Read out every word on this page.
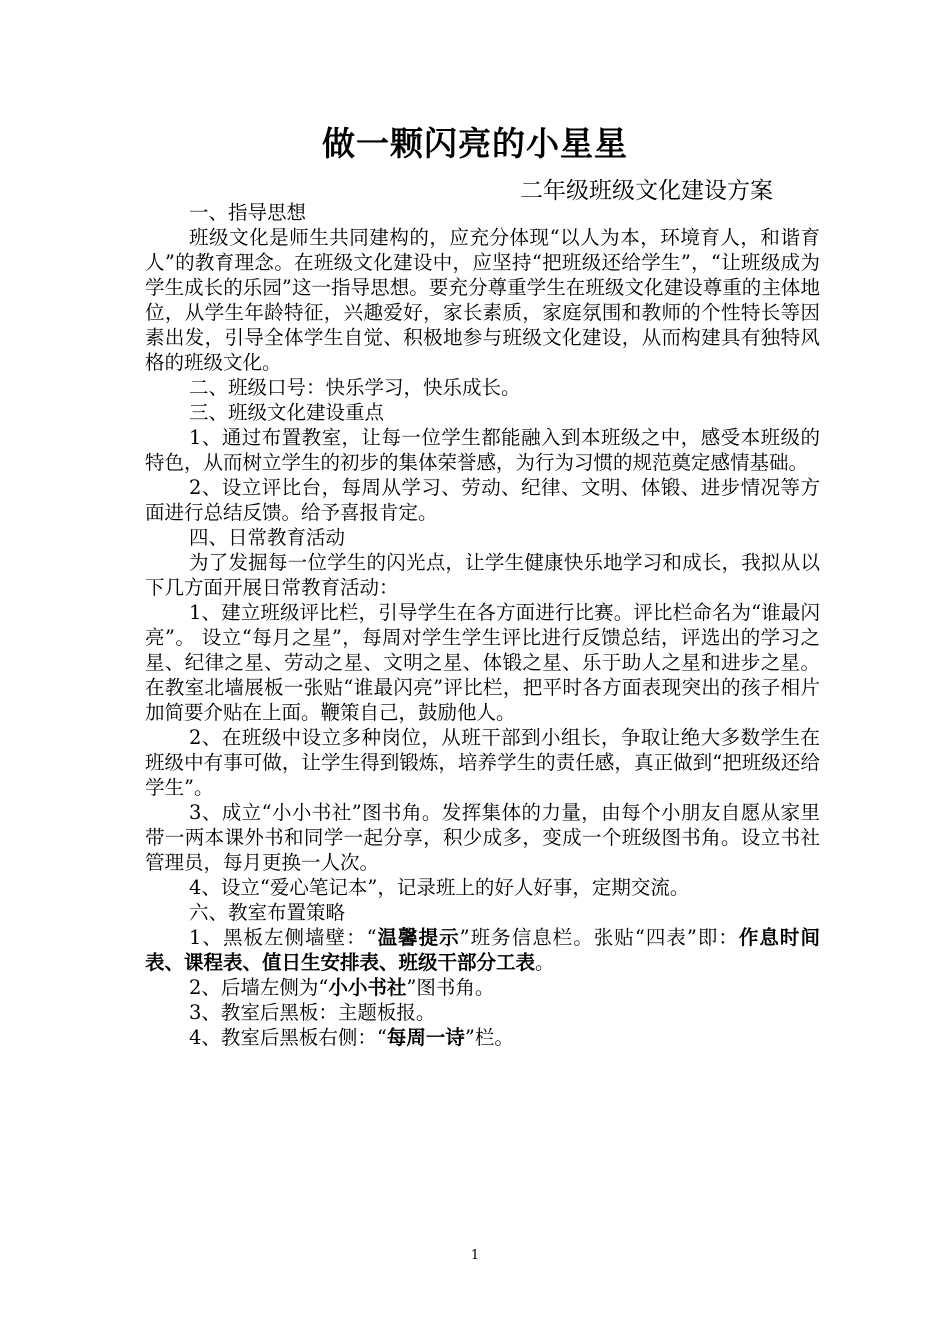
做一颗闪亮的小星星
二年级班级文化建设方案

一、指导思想

班级文化是师生共同建构的，应充分体现“以人为本，环境育人，和谐育人”的教育理念。在班级文化建设中，应坚持“把班级还给学生”，“让班级成为学生成长的乐园”这一指导思想。要充分尊重学生在班级文化建设尊重的主体地位，从学生年龄特征，兴趣爱好，家长素质，家庭氛围和教师的个性特长等因素出发，引导全体学生自觉、积极地参与班级文化建设，从而构建具有独特风格的班级文化。

二、班级口号：快乐学习，快乐成长。

三、班级文化建设重点

1、通过布置教室，让每一位学生都能融入到本班级之中，感受本班级的特色，从而树立学生的初步的集体荣誉感，为行为习惯的规范奠定感情基础。

2、设立评比台，每周从学习、劳动、纪律、文明、体锻、进步情况等方面进行总结反馈。给予喜报肯定。

四、日常教育活动

为了发掘每一位学生的闪光点，让学生健康快乐地学习和成长，我拟从以下几方面开展日常教育活动：

1、建立班级评比栏，引导学生在各方面进行比赛。评比栏命名为“谁最闪亮”。 设立“每月之星”，每周对学生学生评比进行反馈总结，评选出的学习之星、纪律之星、劳动之星、文明之星、体锻之星、乐于助人之星和进步之星。在教室北墙展板一张贴“谁最闪亮”评比栏，把平时各方面表现突出的孩子相片加简要介贴在上面。鞭策自己，鼓励他人。

2、在班级中设立多种岗位，从班干部到小组长，争取让绝大多数学生在班级中有事可做，让学生得到锻炼，培养学生的责任感，真正做到“把班级还给学生”。

3、成立“小小书社”图书角。发挥集体的力量，由每个小朋友自愿从家里带一两本课外书和同学一起分享，积少成多，变成一个班级图书角。设立书社管理员，每月更换一人次。

4、设立“爱心笔记本”，记录班上的好人好事，定期交流。

六、教室布置策略

1、黑板左侧墙壁：“温馨提示”班务信息栏。张贴“四表”即：作息时间表、课程表、值日生安排表、班级干部分工表。

2、后墙左侧为“小小书社”图书角。

3、教室后黑板：主题板报。

4、教室后黑板右侧：“每周一诗”栏。

1
